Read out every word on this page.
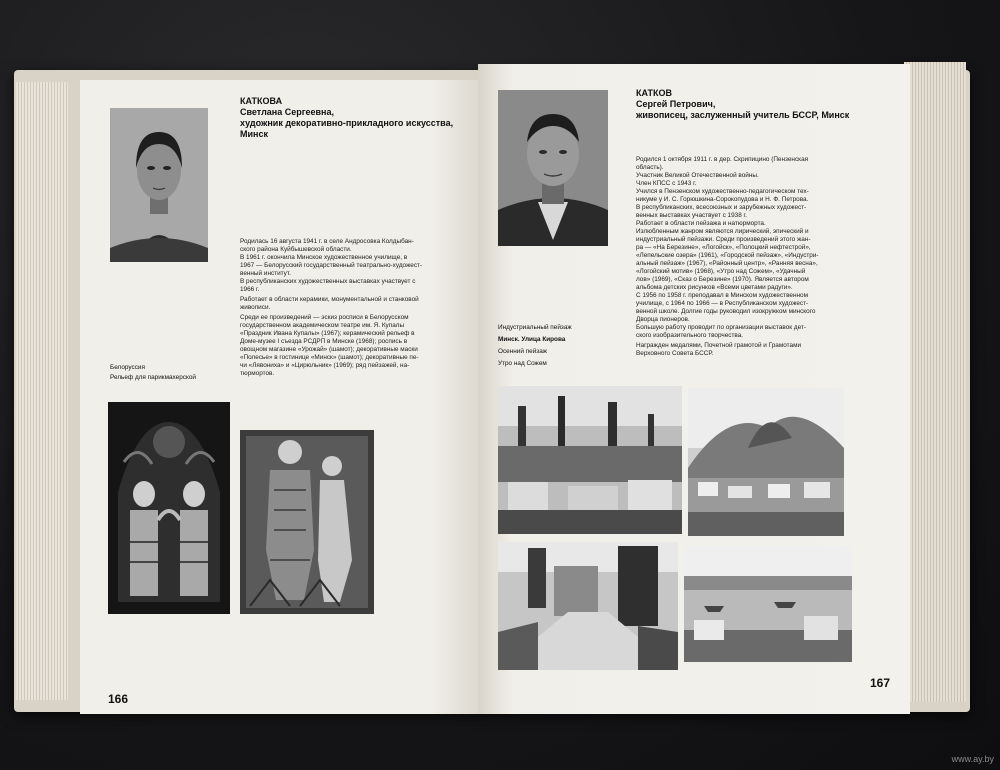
КАТКОВА

Светлана Сергеевна,

художник декоративно-прикладного искусства,

Минск

Родилась 16 августа 1941 г. в селе Андросовка Колдыбан-

ского района Куйбышевской области.

В 1961 г. окончила Минское художественное училище, в

1967 — Белорусский государственный театрально-художест-

венный институт.

В республиканских художественных выставках участвует с

1966 г.

Работает в области керамики, монументальной и станковой

живописи.

Среди ее произведений — эскиз росписи в Белорусском

государственном академическом театре им. Я. Купалы

«Праздник Ивана Купалы» (1967); керамический рельеф в

Доме-музее I съезда РСДРП в Минске (1968); роспись в

овощном магазине «Урожай» (шамот); декоративные маски

«Полесье» в гостинице «Минск» (шамот); декоративные пе-

чи «Лявониха» и «Цирюльник» (1969); ряд пейзажей, на-

тюрмортов.

Белоруссия

Рельеф для парикмахерской

166

КАТКОВ

Сергей Петрович,

живописец, заслуженный учитель БССР, Минск

Родился 1 октября 1911 г. в дер. Скрипицино (Пензенская

область).

Участник Великой Отечественной войны.

Член КПСС с 1943 г.

Учился в Пензенском художественно-педагогическом тех-

никуме у И. С. Горюшкина-Сорокопудова и Н. Ф. Петрова.

В республиканских, всесоюзных и зарубежных художест-

венных выставках участвует с 1938 г.

Работает в области пейзажа и натюрморта.

Излюбленным жанром являются лирический, эпический и

индустриальный пейзажи. Среди произведений этого жан-

ра — «На Березине», «Логойск», «Полоцкий нефтестрой»,

«Лепельские озера» (1961), «Городской пейзаж», «Индустри-

альный пейзаж» (1967), «Районный центр», «Ранняя весна»,

«Логойский мотив» (1968), «Утро над Сожем», «Удачный

лов» (1969), «Сказ о Березине» (1970). Является автором

альбома детских рисунков «Всеми цветами радуги».

С 1956 по 1958 г. преподавал в Минском художественном

училище, с 1964 по 1966 — в Республиканском художест-

венной школе. Долгие годы руководил изокружком минского

Дворца пионеров.

Большую работу проводит по организации выставок дет-

ского изобразительного творчества.

Награжден медалями, Почетной грамотой и Грамотами

Верховного Совета БССР.

Индустриальный пейзаж

Минск. Улица Кирова

Осенний пейзаж

Утро над Сожем

167

www.ay.by
